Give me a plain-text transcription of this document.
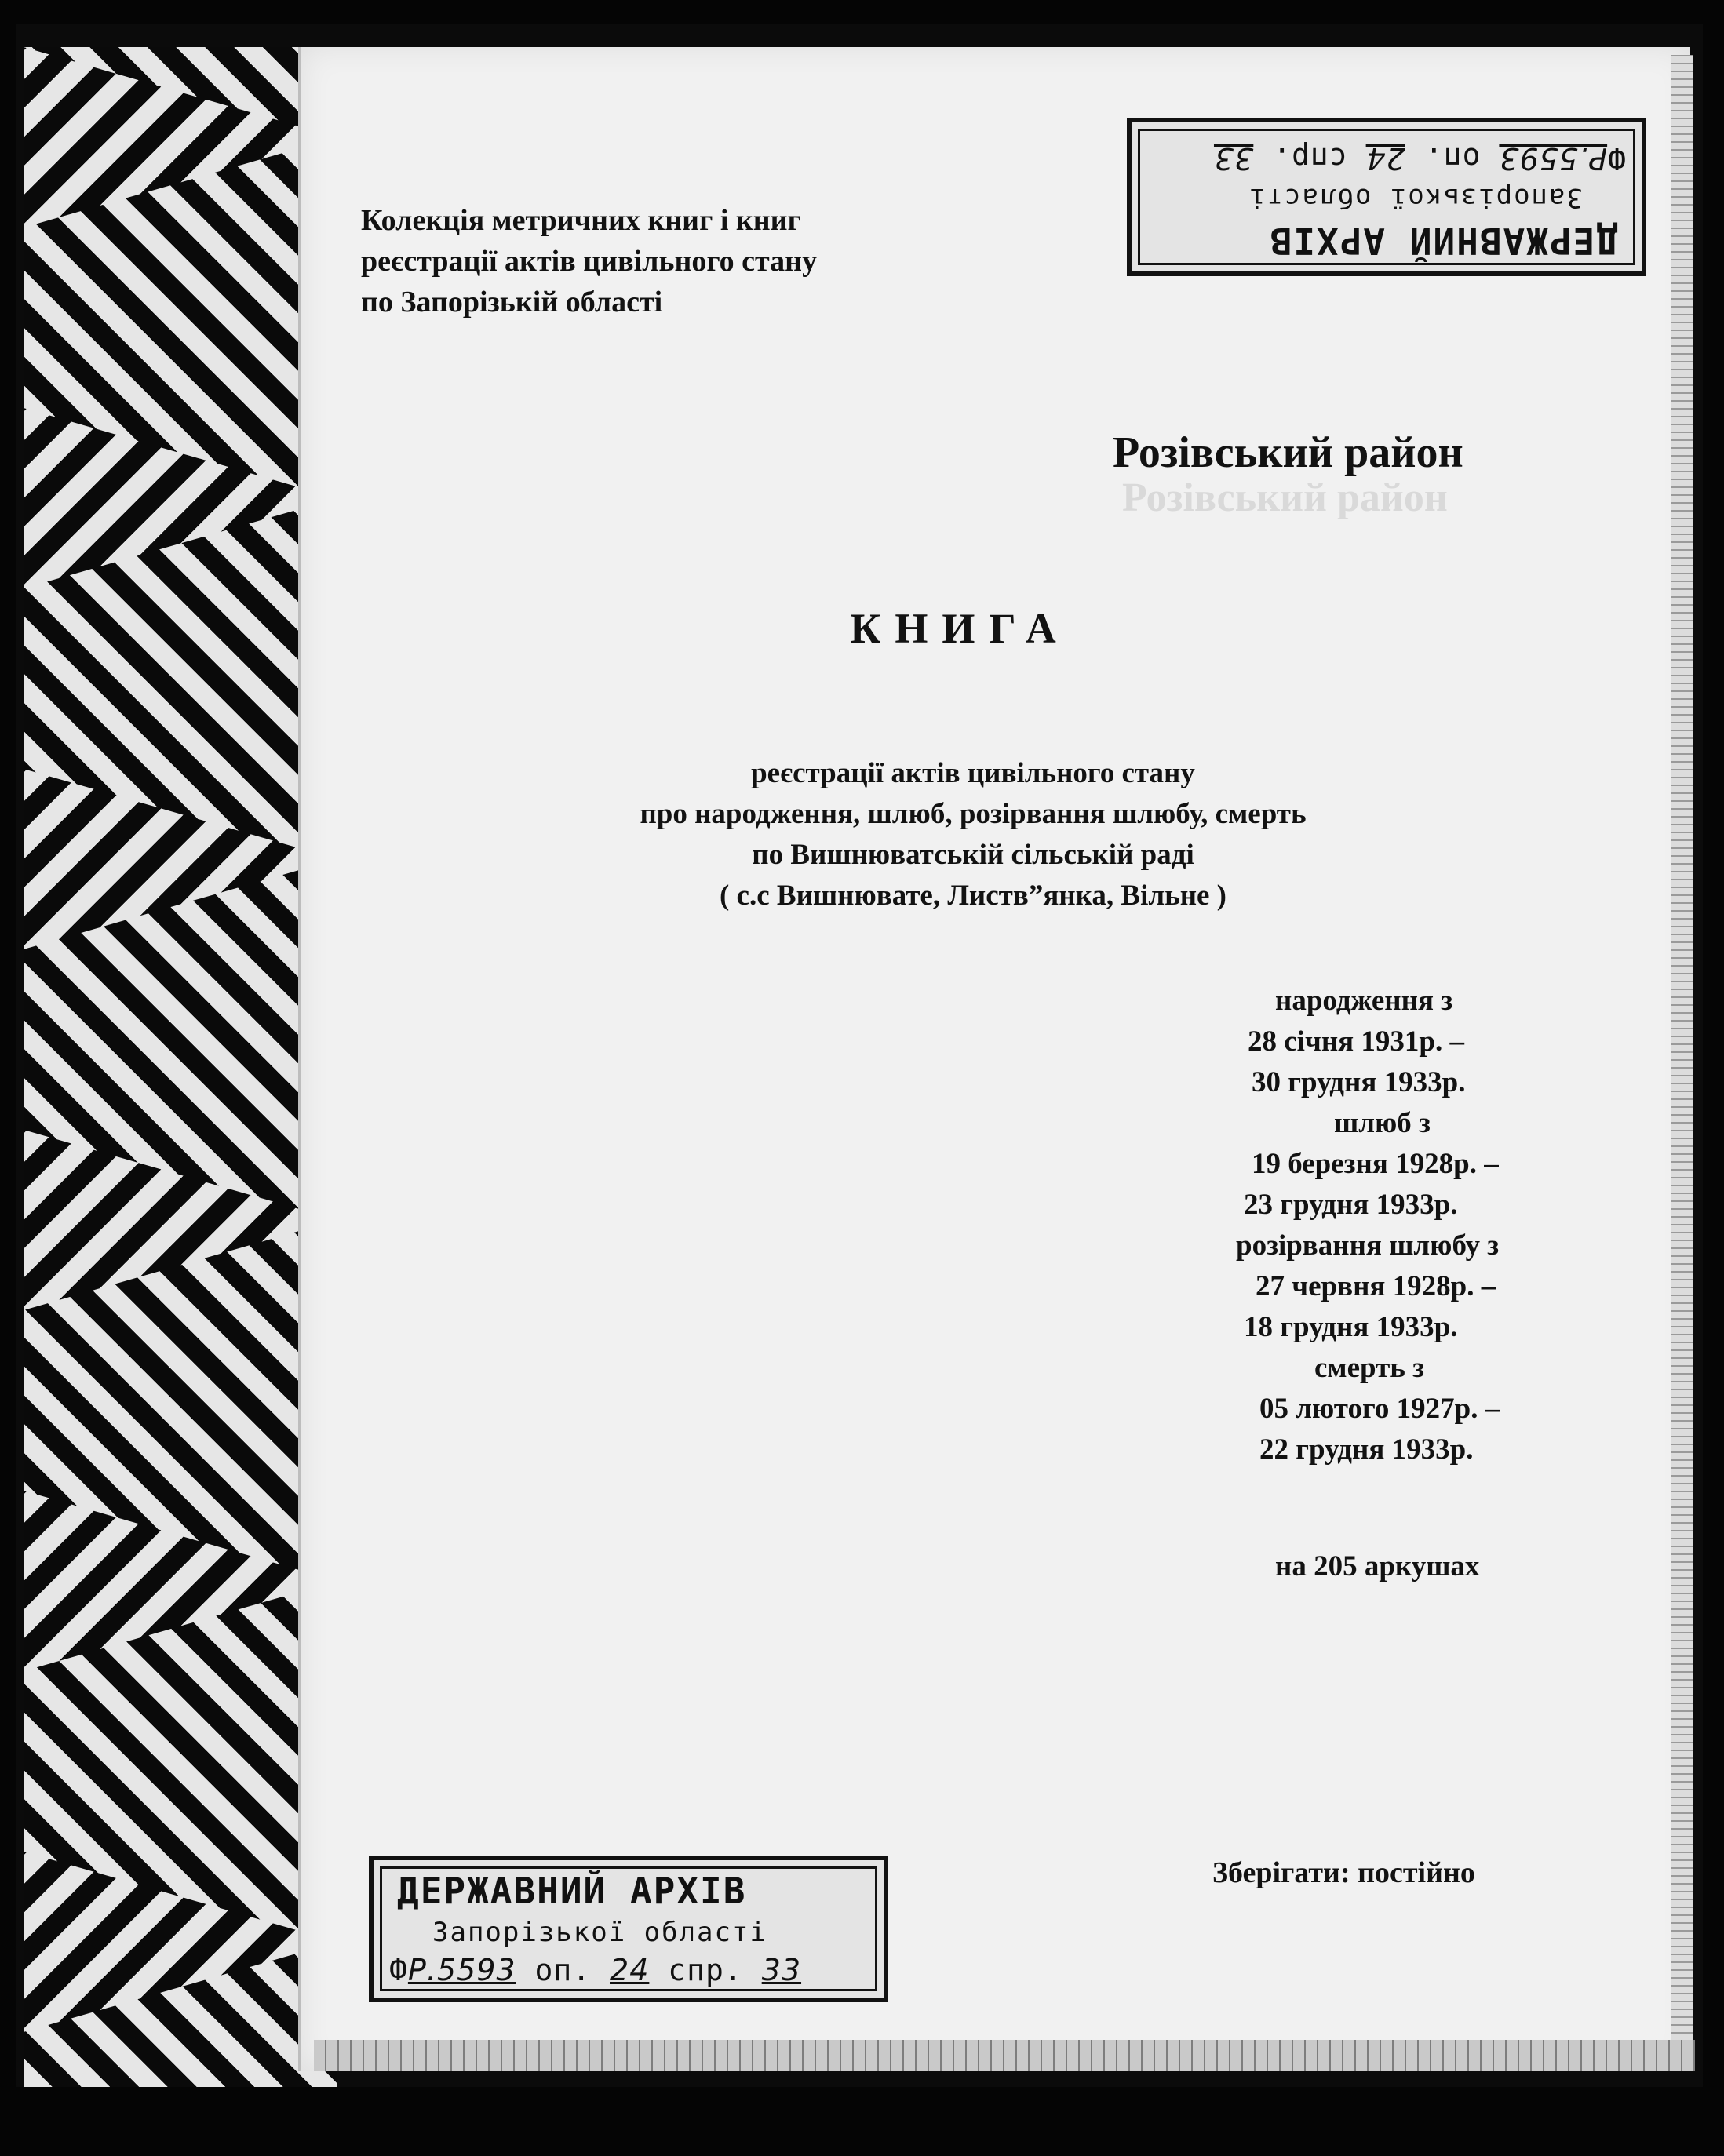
Колекція метричних книг і книг
реєстрації актів цивільного стану
по Запорізькій області
Розівський район
Розівський район
КНИГА
реєстрації актів цивільного стану
про народження, шлюб, розірвання шлюбу, смерть
по Вишнюватській сільській раді
( с.с Вишнювате, Листв”янка, Вільне )
народження з
28 січня 1931р. –
30 грудня 1933р.
шлюб з
19 березня 1928р. –
23 грудня 1933р.
розірвання шлюбу з
27 червня 1928р. –
18 грудня 1933р.
смерть з
05 лютого 1927р. –
22 грудня 1933р.
на 205 аркушах
Зберігати: постійно
ДЕРЖАВНИЙ АРХІВ
Запорізької області
ФР.5593 оп. 24 спр. 33
ДЕРЖАВНИЙ АРХІВ
Запорізької області
ФР.5593 оп. 24 спр. 33
